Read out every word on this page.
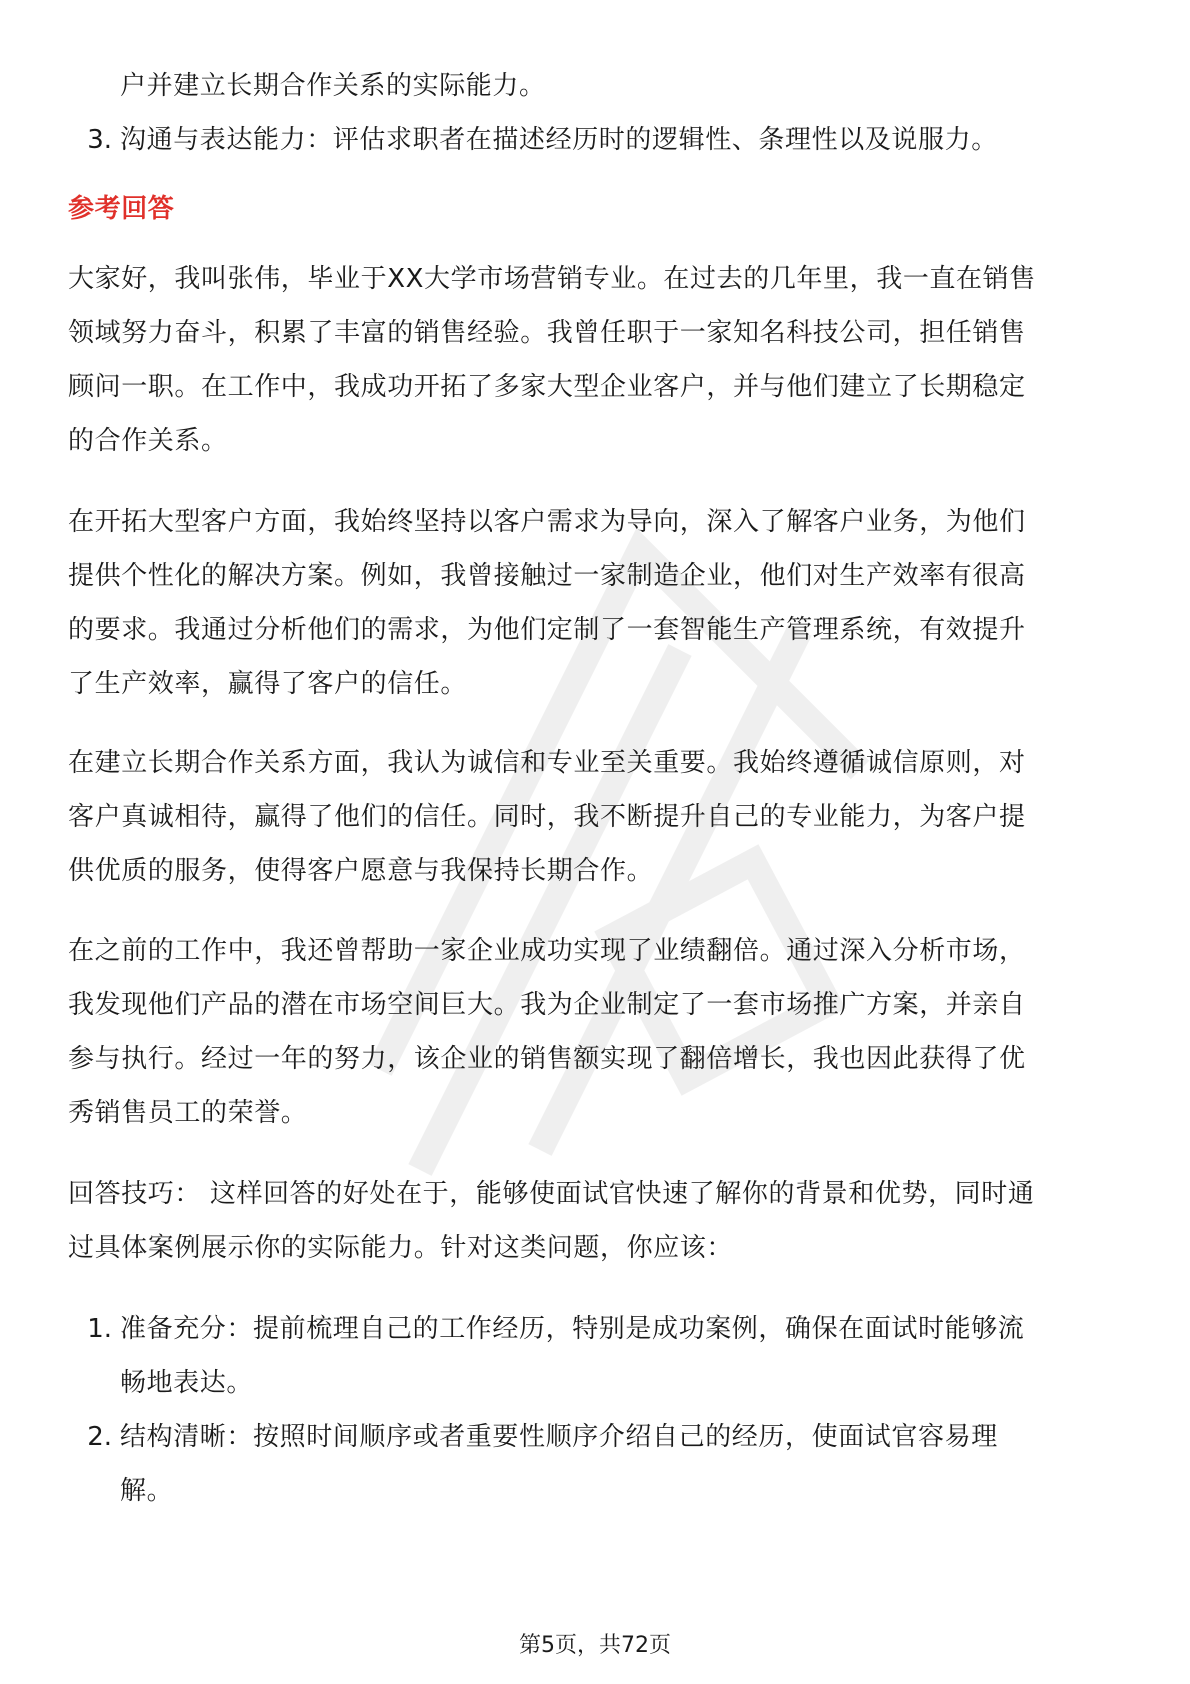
户并建立长期合作关系的实际能力。
3. 沟通与表达能力：评估求职者在描述经历时的逻辑性、条理性以及说服力。
参考回答
大家好，我叫张伟，毕业于XX大学市场营销专业。在过去的几年里，我一直在销售
领域努力奋斗，积累了丰富的销售经验。我曾任职于一家知名科技公司，担任销售
顾问一职。在工作中，我成功开拓了多家大型企业客户，并与他们建立了长期稳定
的合作关系。
在开拓大型客户方面，我始终坚持以客户需求为导向，深入了解客户业务，为他们
提供个性化的解决方案。例如，我曾接触过一家制造企业，他们对生产效率有很高
的要求。我通过分析他们的需求，为他们定制了一套智能生产管理系统，有效提升
了生产效率，赢得了客户的信任。
在建立长期合作关系方面，我认为诚信和专业至关重要。我始终遵循诚信原则，对
客户真诚相待，赢得了他们的信任。同时，我不断提升自己的专业能力，为客户提
供优质的服务，使得客户愿意与我保持长期合作。
在之前的工作中，我还曾帮助一家企业成功实现了业绩翻倍。通过深入分析市场，
我发现他们产品的潜在市场空间巨大。我为企业制定了一套市场推广方案，并亲自
参与执行。经过一年的努力，该企业的销售额实现了翻倍增长，我也因此获得了优
秀销售员工的荣誉。
回答技巧： 这样回答的好处在于，能够使面试官快速了解你的背景和优势，同时通
过具体案例展示你的实际能力。针对这类问题，你应该：
1. 准备充分：提前梳理自己的工作经历，特别是成功案例，确保在面试时能够流
畅地表达。
2. 结构清晰：按照时间顺序或者重要性顺序介绍自己的经历，使面试官容易理
解。
第5页，共72页
